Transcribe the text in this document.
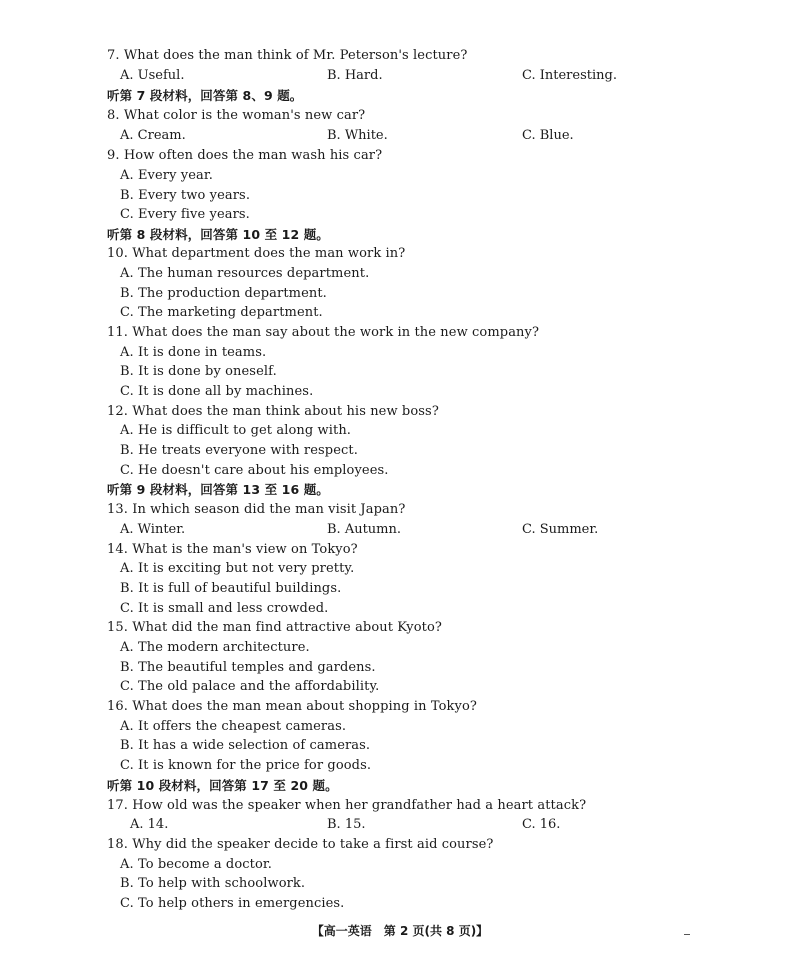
7. What does the man think of Mr. Peterson's lecture?
A. Useful.	B. Hard.	C. Interesting.
听第 7 段材料，回答第 8、9 题。
8. What color is the woman's new car?
A. Cream.	B. White.	C. Blue.
9. How often does the man wash his car?
A. Every year.
B. Every two years.
C. Every five years.
听第 8 段材料，回答第 10 至 12 题。
10. What department does the man work in?
A. The human resources department.
B. The production department.
C. The marketing department.
11. What does the man say about the work in the new company?
A. It is done in teams.
B. It is done by oneself.
C. It is done all by machines.
12. What does the man think about his new boss?
A. He is difficult to get along with.
B. He treats everyone with respect.
C. He doesn't care about his employees.
听第 9 段材料，回答第 13 至 16 题。
13. In which season did the man visit Japan?
A. Winter.	B. Autumn.	C. Summer.
14. What is the man's view on Tokyo?
A. It is exciting but not very pretty.
B. It is full of beautiful buildings.
C. It is small and less crowded.
15. What did the man find attractive about Kyoto?
A. The modern architecture.
B. The beautiful temples and gardens.
C. The old palace and the affordability.
16. What does the man mean about shopping in Tokyo?
A. It offers the cheapest cameras.
B. It has a wide selection of cameras.
C. It is known for the price for goods.
听第 10 段材料，回答第 17 至 20 题。
17. How old was the speaker when her grandfather had a heart attack?
A. 14.	B. 15.	C. 16.
18. Why did the speaker decide to take a first aid course?
A. To become a doctor.
B. To help with schoolwork.
C. To help others in emergencies.
【高一英语　第 2 页(共 8 页)】
